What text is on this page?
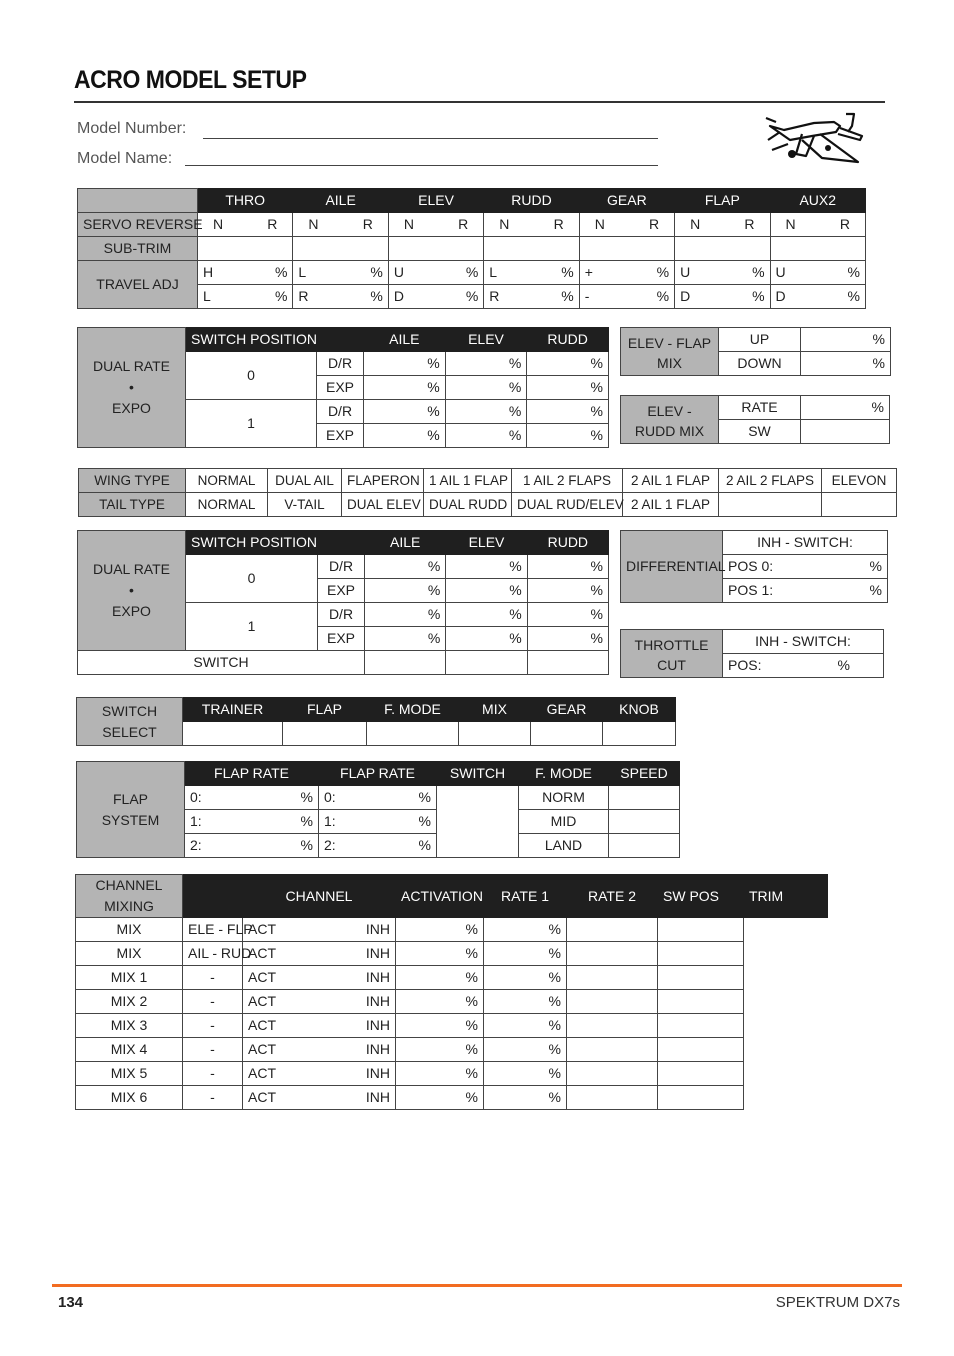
ACRO MODEL SETUP
Model Number:
Model Name:
	THRO	AILE	ELEV	RUDD	GEAR	FLAP	AUX2
SERVO REVERSE	N R	N R	N R	N R	N R	N R	N R

SUB-TRIM							
TRAVEL ADJ	H %	L %	U %	L %	+ %	U %	U %

	L %	R %	D %	R %	- %	D %	D %
DUAL RATE
•
EXPO	SWITCH POSITION		AILE	ELEV	RUDD
	0	D/R	%	%	%
		EXP	%	%	%
	1	D/R	%	%	%
		EXP	%	%	%
ELEV - FLAP MIX	UP	%
	DOWN	%
ELEV - RUDD MIX	RATE	%
	SW	
WING TYPE	NORMAL	DUAL AIL	FLAPERON	1 AIL 1 FLAP	1 AIL 2 FLAPS	2 AIL 1 FLAP	2 AIL 2 FLAPS	ELEVON
TAIL TYPE	NORMAL	V-TAIL	DUAL ELEV	DUAL RUDD	DUAL RUD/ELEV	2 AIL 1 FLAP		
DUAL RATE
•
EXPO	SWITCH POSITION		AILE	ELEV	RUDD
	0	D/R	%	%	%
		EXP	%	%	%
	1	D/R	%	%	%
		EXP	%	%	%
SWITCH					
DIFFERENTIAL	INH - SWITCH:

POS 0:	%

POS 1:	%
THROTTLE CUT	INH - SWITCH:

POS:	%
SWITCH
SELECT	TRAINER	FLAP	F. MODE	MIX	GEAR	KNOB

FLAP
SYSTEM	FLAP RATE	FLAP RATE	SWITCH	F. MODE	SPEED

	0: %	0: %		NORM	

	1: %	1: %		MID	

	2: %	2: %		LAND	
CHANNEL
MIXING		CHANNEL	ACTIVATION	RATE 1	RATE 2	SW POS	TRIM
MIX	ELE - FLP	ACT INH	%	%			
MIX	AIL - RUD	ACT INH	%	%			
MIX 1	-	ACT INH	%	%			
MIX 2	-	ACT INH	%	%			
MIX 3	-	ACT INH	%	%			
MIX 4	-	ACT INH	%	%			
MIX 5	-	ACT INH	%	%			
MIX 6	-	ACT INH	%	%			
134	SPEKTRUM DX7s
